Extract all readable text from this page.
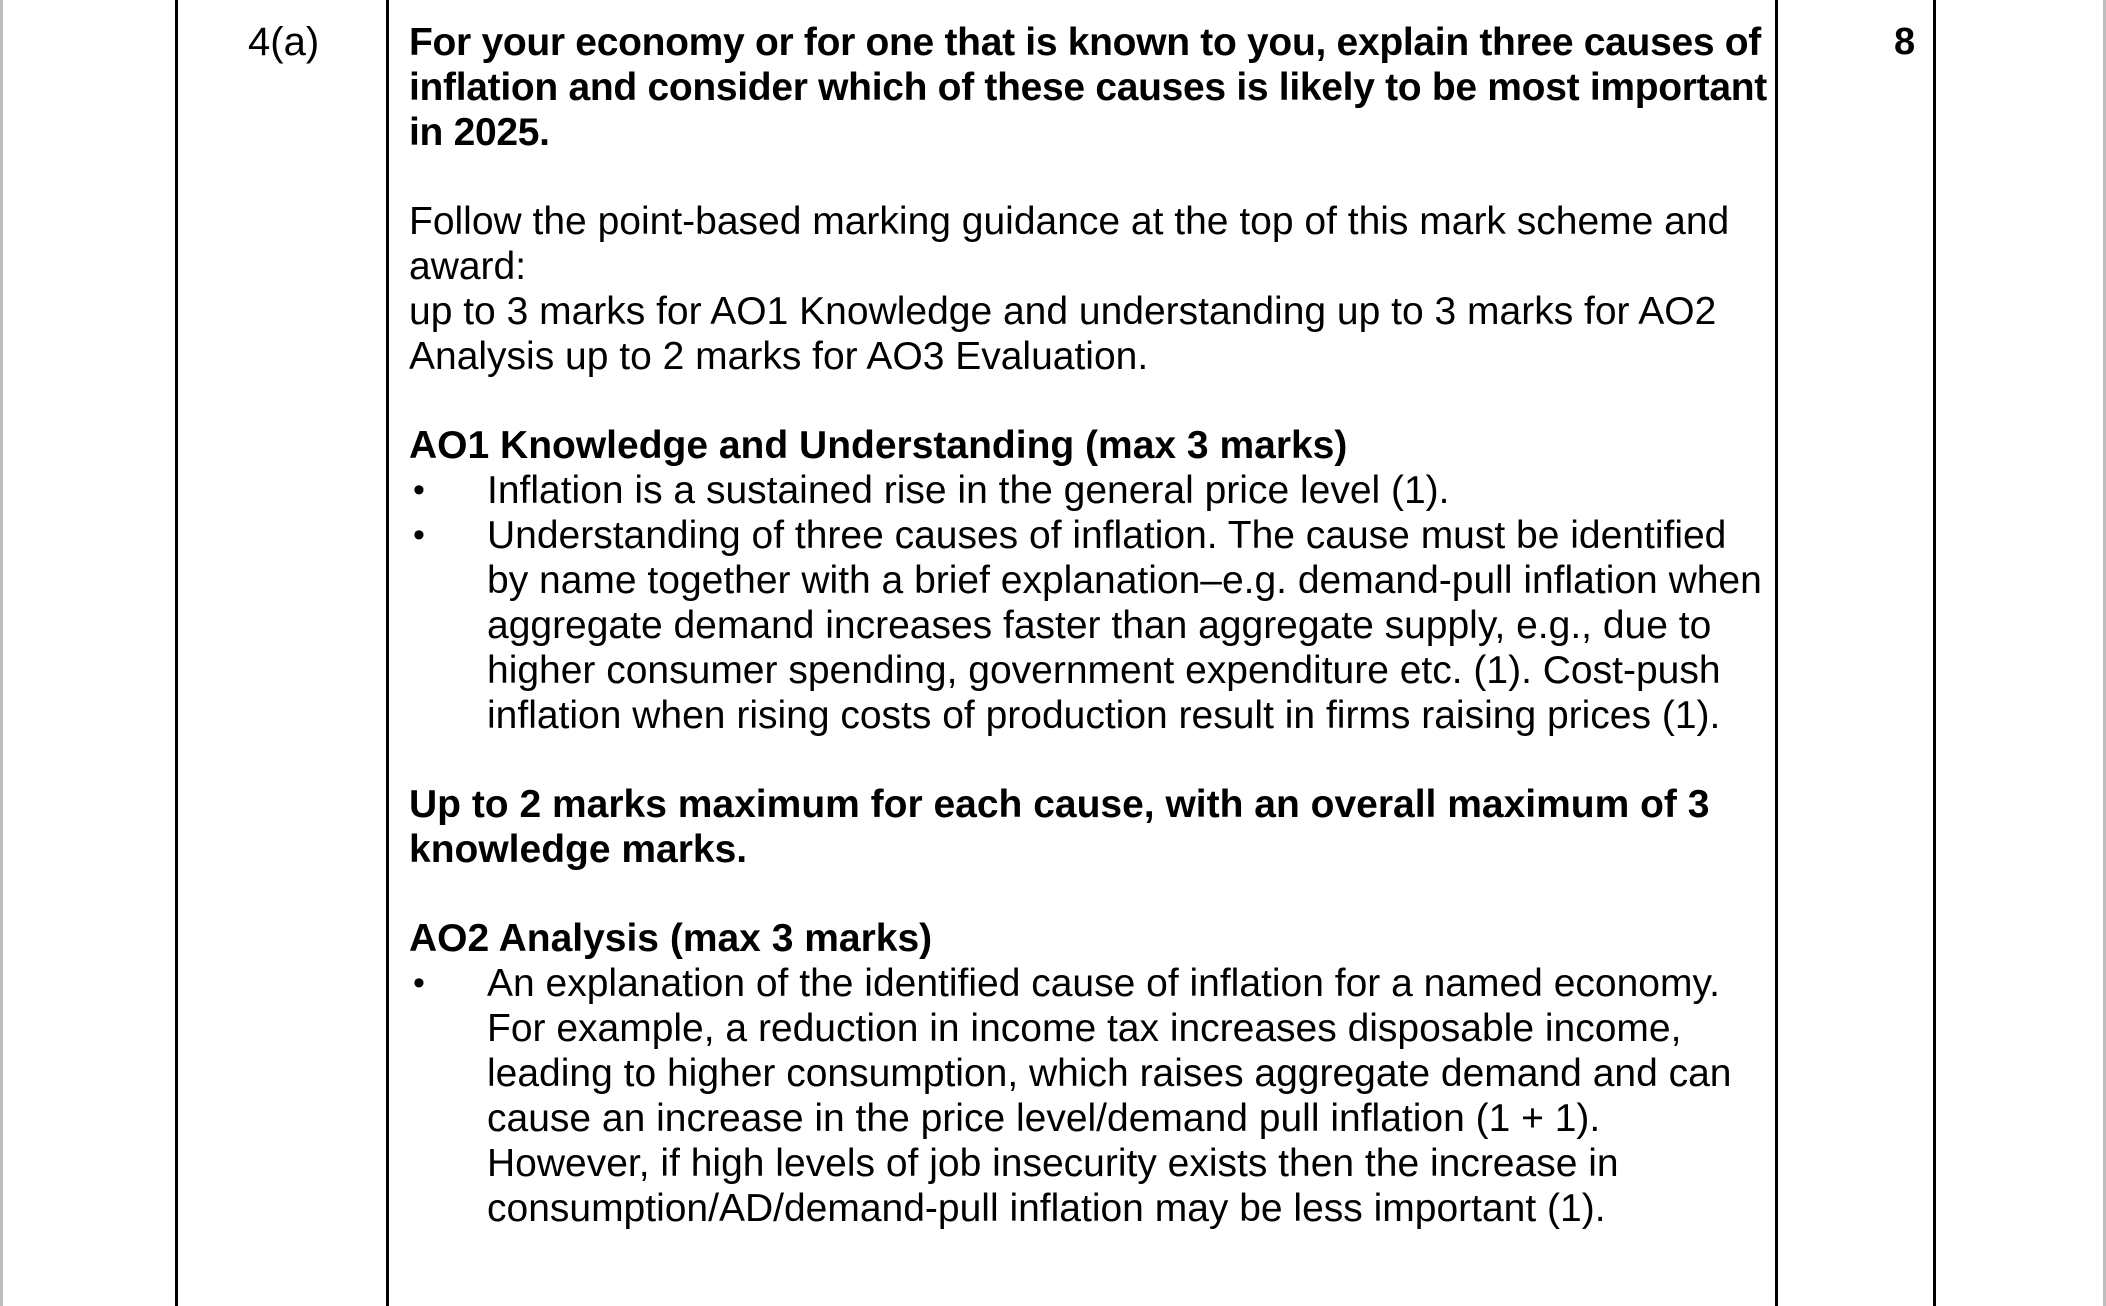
4(a)	8

For your economy or for one that is known to you, explain three causes of inflation and consider which of these causes is likely to be most important in 2025.

Follow the point-based marking guidance at the top of this mark scheme and award:

up to 3 marks for AO1 Knowledge and understanding up to 3 marks for AO2 Analysis up to 2 marks for AO3 Evaluation.

AO1 Knowledge and Understanding (max 3 marks)

• Inflation is a sustained rise in the general price level (1).
• Understanding of three causes of inflation. The cause must be identified by name together with a brief explanation–e.g. demand-pull inflation when aggregate demand increases faster than aggregate supply, e.g., due to higher consumer spending, government expenditure etc. (1). Cost-push inflation when rising costs of production result in firms raising prices (1).

Up to 2 marks maximum for each cause, with an overall maximum of 3 knowledge marks.

AO2 Analysis (max 3 marks)

• An explanation of the identified cause of inflation for a named economy. For example, a reduction in income tax increases disposable income, leading to higher consumption, which raises aggregate demand and can cause an increase in the price level/demand pull inflation (1 + 1). However, if high levels of job insecurity exists then the increase in consumption/AD/demand-pull inflation may be less important (1).
